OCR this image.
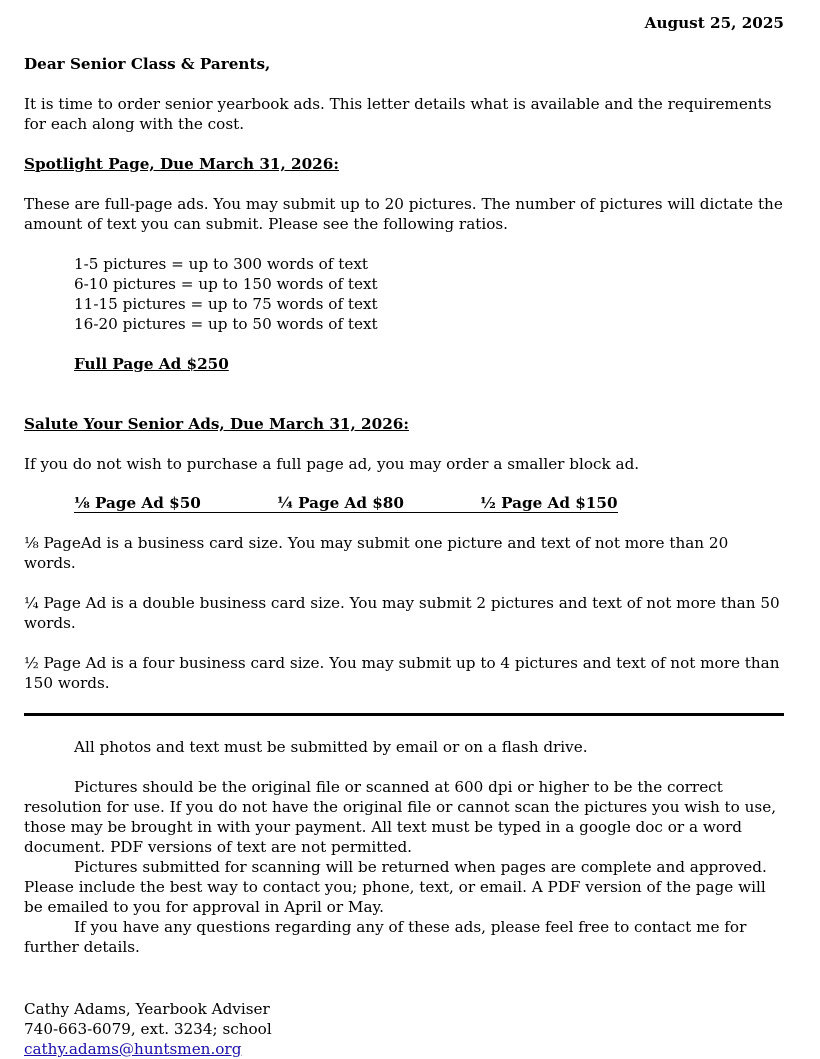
August 25, 2025

Dear Senior Class & Parents,

It is time to order senior yearbook ads. This letter details what is available and the requirements for each along with the cost.

Spotlight Page, Due March 31, 2026:

These are full-page ads. You may submit up to 20 pictures. The number of pictures will dictate the amount of text you can submit. Please see the following ratios.

1-5 pictures = up to 300 words of text

6-10 pictures = up to 150 words of text

11-15 pictures = up to 75 words of text

16-20 pictures = up to 50 words of text

Full Page Ad $250

Salute Your Senior Ads, Due March 31, 2026:

If you do not wish to purchase a full page ad, you may order a smaller block ad.

⅛ Page Ad $50	¼ Page Ad $80	½ Page Ad $150

⅛ PageAd is a business card size. You may submit one picture and text of not more than 20 words.

¼ Page Ad is a double business card size. You may submit 2 pictures and text of not more than 50 words.

½ Page Ad is a four business card size. You may submit up to 4 pictures and text of not more than 150 words.

All photos and text must be submitted by email or on a flash drive.

Pictures should be the original file or scanned at 600 dpi or higher to be the correct resolution for use. If you do not have the original file or cannot scan the pictures you wish to use, those may be brought in with your payment. All text must be typed in a google doc or a word document. PDF versions of text are not permitted.

Pictures submitted for scanning will be returned when pages are complete and approved. Please include the best way to contact you; phone, text, or email. A PDF version of the page will be emailed to you for approval in April or May.

If you have any questions regarding any of these ads, please feel free to contact me for further details.

Cathy Adams, Yearbook Adviser

740-663-6079, ext. 3234; school

cathy.adams@huntsmen.org
